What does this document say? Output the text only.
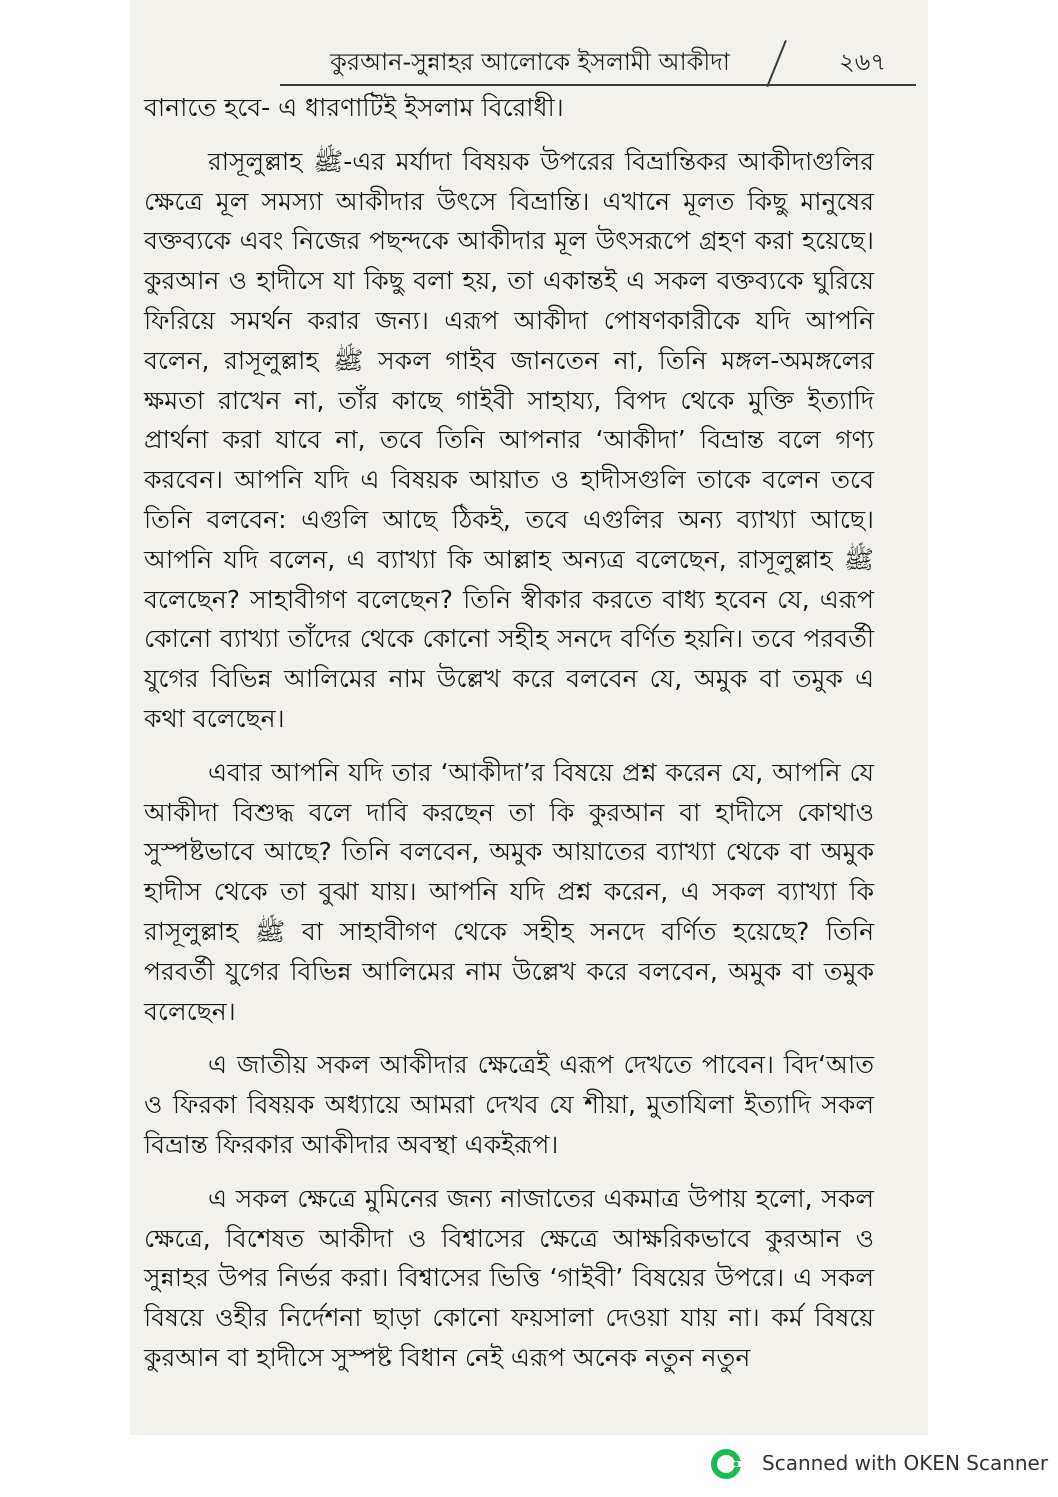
কুরআন-সুন্নাহর আলোকে ইসলামী আকীদা	২৬৭

বানাতে হবে- এ ধারণাটিই ইসলাম বিরোধী।

রাসূলুল্লাহ ﷺ-এর মর্যাদা বিষয়ক উপরের বিভ্রান্তিকর আকীদাগুলির ক্ষেত্রে মূল সমস্যা আকীদার উৎসে বিভ্রান্তি। এখানে মূলত কিছু মানুষের বক্তব্যকে এবং নিজের পছন্দকে আকীদার মূল উৎসরূপে গ্রহণ করা হয়েছে। কুরআন ও হাদীসে যা কিছু বলা হয়, তা একান্তই এ সকল বক্তব্যকে ঘুরিয়ে ফিরিয়ে সমর্থন করার জন্য। এরূপ আকীদা পোষণকারীকে যদি আপনি বলেন, রাসূলুল্লাহ ﷺ সকল গাইব জানতেন না, তিনি মঙ্গল-অমঙ্গলের ক্ষমতা রাখেন না, তাঁর কাছে গাইবী সাহায্য, বিপদ থেকে মুক্তি ইত্যাদি প্রার্থনা করা যাবে না, তবে তিনি আপনার ‘আকীদা’ বিভ্রান্ত বলে গণ্য করবেন। আপনি যদি এ বিষয়ক আয়াত ও হাদীসগুলি তাকে বলেন তবে তিনি বলবেন: এগুলি আছে ঠিকই, তবে এগুলির অন্য ব্যাখ্যা আছে। আপনি যদি বলেন, এ ব্যাখ্যা কি আল্লাহ অন্যত্র বলেছেন, রাসূলুল্লাহ ﷺ বলেছেন? সাহাবীগণ বলেছেন? তিনি স্বীকার করতে বাধ্য হবেন যে, এরূপ কোনো ব্যাখ্যা তাঁদের থেকে কোনো সহীহ সনদে বর্ণিত হয়নি। তবে পরবর্তী যুগের বিভিন্ন আলিমের নাম উল্লেখ করে বলবেন যে, অমুক বা তমুক এ কথা বলেছেন।

এবার আপনি যদি তার ‘আকীদা’র বিষয়ে প্রশ্ন করেন যে, আপনি যে আকীদা বিশুদ্ধ বলে দাবি করছেন তা কি কুরআন বা হাদীসে কোথাও সুস্পষ্টভাবে আছে? তিনি বলবেন, অমুক আয়াতের ব্যাখ্যা থেকে বা অমুক হাদীস থেকে তা বুঝা যায়। আপনি যদি প্রশ্ন করেন, এ সকল ব্যাখ্যা কি রাসূলুল্লাহ ﷺ বা সাহাবীগণ থেকে সহীহ সনদে বর্ণিত হয়েছে? তিনি পরবর্তী যুগের বিভিন্ন আলিমের নাম উল্লেখ করে বলবেন, অমুক বা তমুক বলেছেন।

এ জাতীয় সকল আকীদার ক্ষেত্রেই এরূপ দেখতে পাবেন। বিদ‘আত ও ফিরকা বিষয়ক অধ্যায়ে আমরা দেখব যে শীয়া, মুতাযিলা ইত্যাদি সকল বিভ্রান্ত ফিরকার আকীদার অবস্থা একইরূপ।

এ সকল ক্ষেত্রে মুমিনের জন্য নাজাতের একমাত্র উপায় হলো, সকল ক্ষেত্রে, বিশেষত আকীদা ও বিশ্বাসের ক্ষেত্রে আক্ষরিকভাবে কুরআন ও সুন্নাহর উপর নির্ভর করা। বিশ্বাসের ভিত্তি ‘গাইবী’ বিষয়ের উপরে। এ সকল বিষয়ে ওহীর নির্দেশনা ছাড়া কোনো ফয়সালা দেওয়া যায় না। কর্ম বিষয়ে কুরআন বা হাদীসে সুস্পষ্ট বিধান নেই এরূপ অনেক নতুন নতুন

Scanned with OKEN Scanner
